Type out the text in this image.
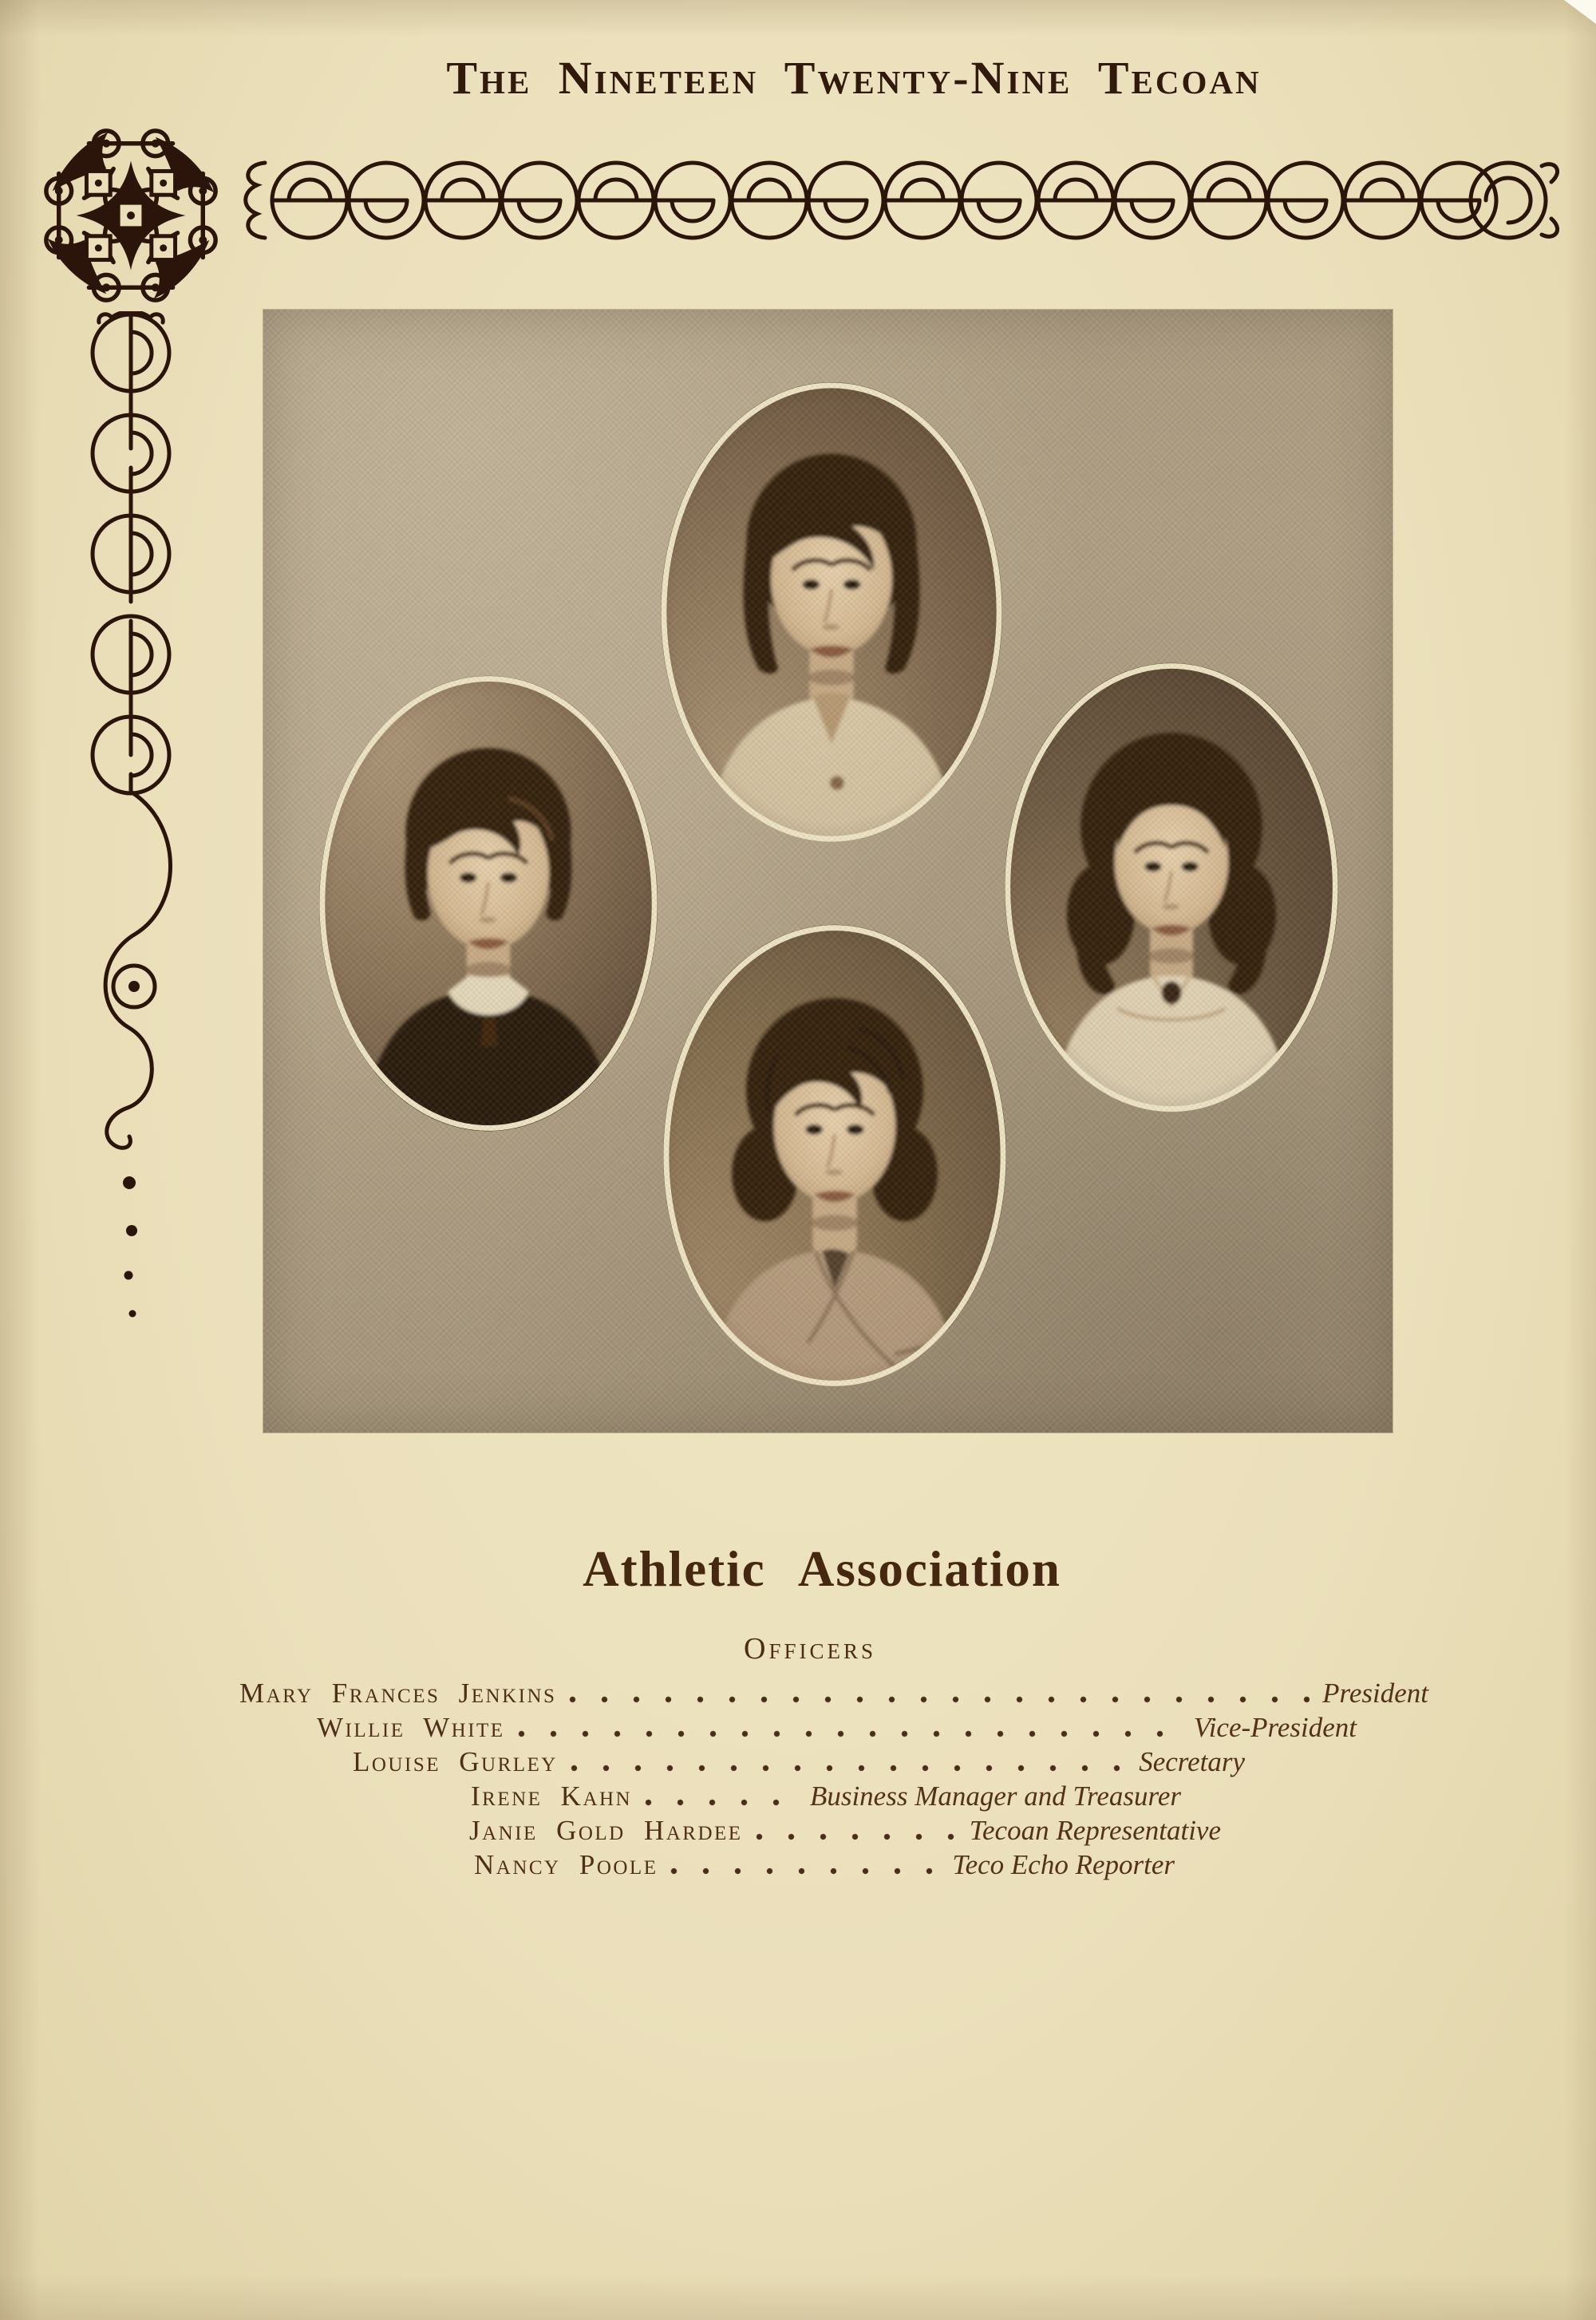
The Nineteen Twenty-Nine Tecoan
Athletic Association
Officers
Mary Frances Jenkins	President
Willie White	Vice-President
Louise Gurley	Secretary
Irene Kahn	Business Manager and Treasurer
Janie Gold Hardee	Tecoan Representative
Nancy Poole	Teco Echo Reporter
